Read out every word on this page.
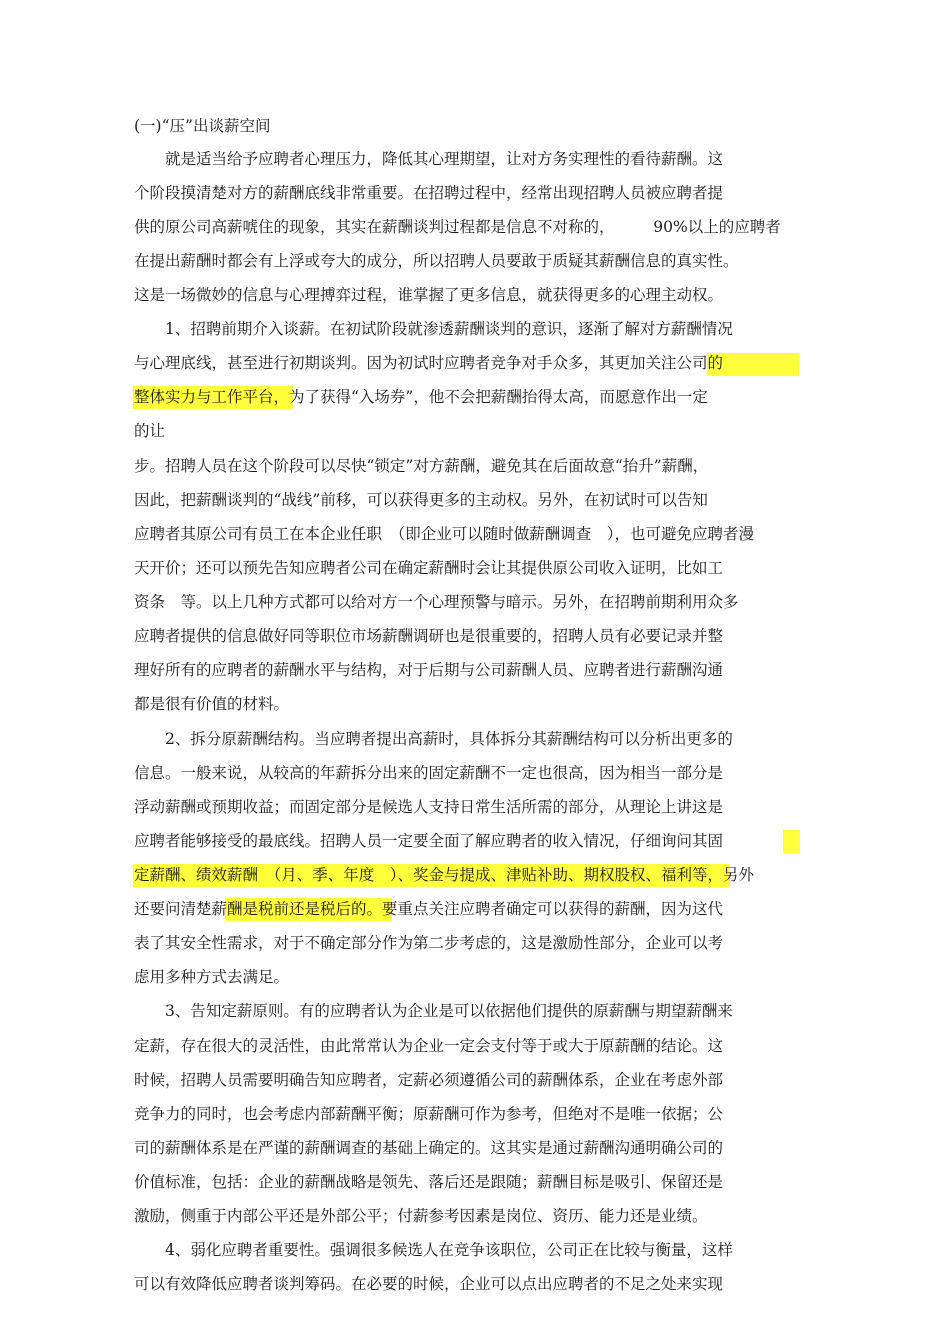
(一)“压”出谈薪空间
　　就是适当给予应聘者心理压力，降低其心理期望，让对方务实理性的看待薪酬。这
个阶段摸清楚对方的薪酬底线非常重要。在招聘过程中，经常出现招聘人员被应聘者提
供的原公司高薪唬住的现象，其实在薪酬谈判过程都是信息不对称的，　　　90%以上的应聘者
在提出薪酬时都会有上浮或夸大的成分，所以招聘人员要敢于质疑其薪酬信息的真实性。
这是一场微妙的信息与心理搏弈过程，谁掌握了更多信息，就获得更多的心理主动权。
　　1、招聘前期介入谈薪。在初试阶段就渗透薪酬谈判的意识，逐渐了解对方薪酬情况
与心理底线，甚至进行初期谈判。因为初试时应聘者竞争对手众多，其更加关注公司的
整体实力与工作平台，为了获得“入场券”，他不会把薪酬抬得太高，而愿意作出一定
的让
步。招聘人员在这个阶段可以尽快“锁定”对方薪酬，避免其在后面故意“抬升”薪酬，
因此，把薪酬谈判的“战线”前移，可以获得更多的主动权。另外，在初试时可以告知
应聘者其原公司有员工在本企业任职　（即企业可以随时做薪酬调查　），也可避免应聘者漫
天开价；还可以预先告知应聘者公司在确定薪酬时会让其提供原公司收入证明，比如工
资条　等。以上几种方式都可以给对方一个心理预警与暗示。另外，在招聘前期利用众多
应聘者提供的信息做好同等职位市场薪酬调研也是很重要的，招聘人员有必要记录并整
理好所有的应聘者的薪酬水平与结构，对于后期与公司薪酬人员、应聘者进行薪酬沟通
都是很有价值的材料。
　　2、拆分原薪酬结构。当应聘者提出高薪时，具体拆分其薪酬结构可以分析出更多的
信息。一般来说，从较高的年薪拆分出来的固定薪酬不一定也很高，因为相当一部分是
浮动薪酬或预期收益；而固定部分是候选人支持日常生活所需的部分，从理论上讲这是
应聘者能够接受的最底线。招聘人员一定要全面了解应聘者的收入情况，仔细询问其固
定薪酬、绩效薪酬　（月、季、年度　）、奖金与提成、津贴补助、期权股权、福利等，另外
还要问清楚薪酬是税前还是税后的。要重点关注应聘者确定可以获得的薪酬，因为这代
表了其安全性需求，对于不确定部分作为第二步考虑的，这是激励性部分，企业可以考
虑用多种方式去满足。
　　3、告知定薪原则。有的应聘者认为企业是可以依据他们提供的原薪酬与期望薪酬来
定薪，存在很大的灵活性，由此常常认为企业一定会支付等于或大于原薪酬的结论。这
时候，招聘人员需要明确告知应聘者，定薪必须遵循公司的薪酬体系，企业在考虑外部
竞争力的同时，也会考虑内部薪酬平衡；原薪酬可作为参考，但绝对不是唯一依据；公
司的薪酬体系是在严谨的薪酬调查的基础上确定的。这其实是通过薪酬沟通明确公司的
价值标准，包括：企业的薪酬战略是领先、落后还是跟随；薪酬目标是吸引、保留还是
激励，侧重于内部公平还是外部公平；付薪参考因素是岗位、资历、能力还是业绩。
　　4、弱化应聘者重要性。强调很多候选人在竞争该职位，公司正在比较与衡量，这样
可以有效降低应聘者谈判筹码。在必要的时候，企业可以点出应聘者的不足之处来实现
